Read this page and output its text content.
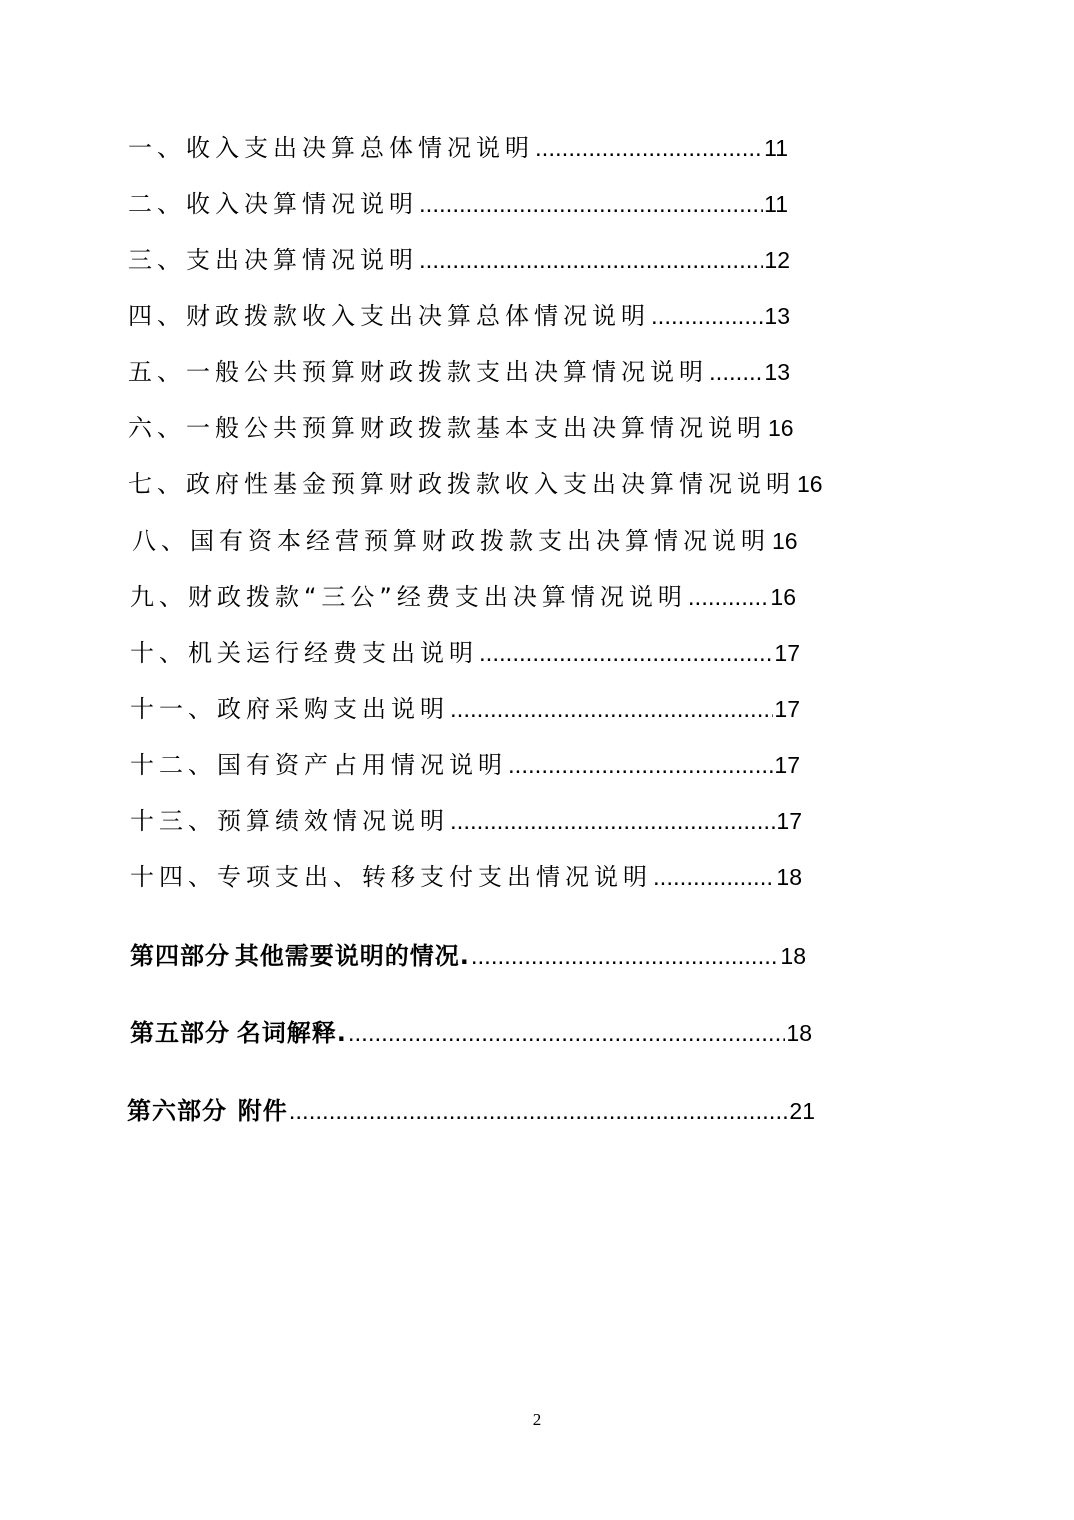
一、收入支出决算总体情况说明 .....	11
二、收入决算情况说明 .....	11
三、支出决算情况说明 .....	12
四、财政拨款收入支出决算总体情况说明 .....	13
五、一般公共预算财政拨款支出决算情况说明 ..... 13
六、一般公共预算财政拨款基本支出决算情况说明 16
七、政府性基金预算财政拨款收入支出决算情况说明 16
八、国有资本经营预算财政拨款支出决算情况说明 16
九、财政拨款“三公”经费支出决算情况说明 .....	16
十、机关运行经费支出说明 .....	17
十一、政府采购支出说明 .....	17
十二、国有资产占用情况说明 .....	17
十三、预算绩效情况说明 .....	17
十四、专项支出、转移支付支出情况说明 .....	18
第四部分 其他需要说明的情况. .....	18
第五部分 名词解释. .....	18
第六部分 附件 .....	21
2
